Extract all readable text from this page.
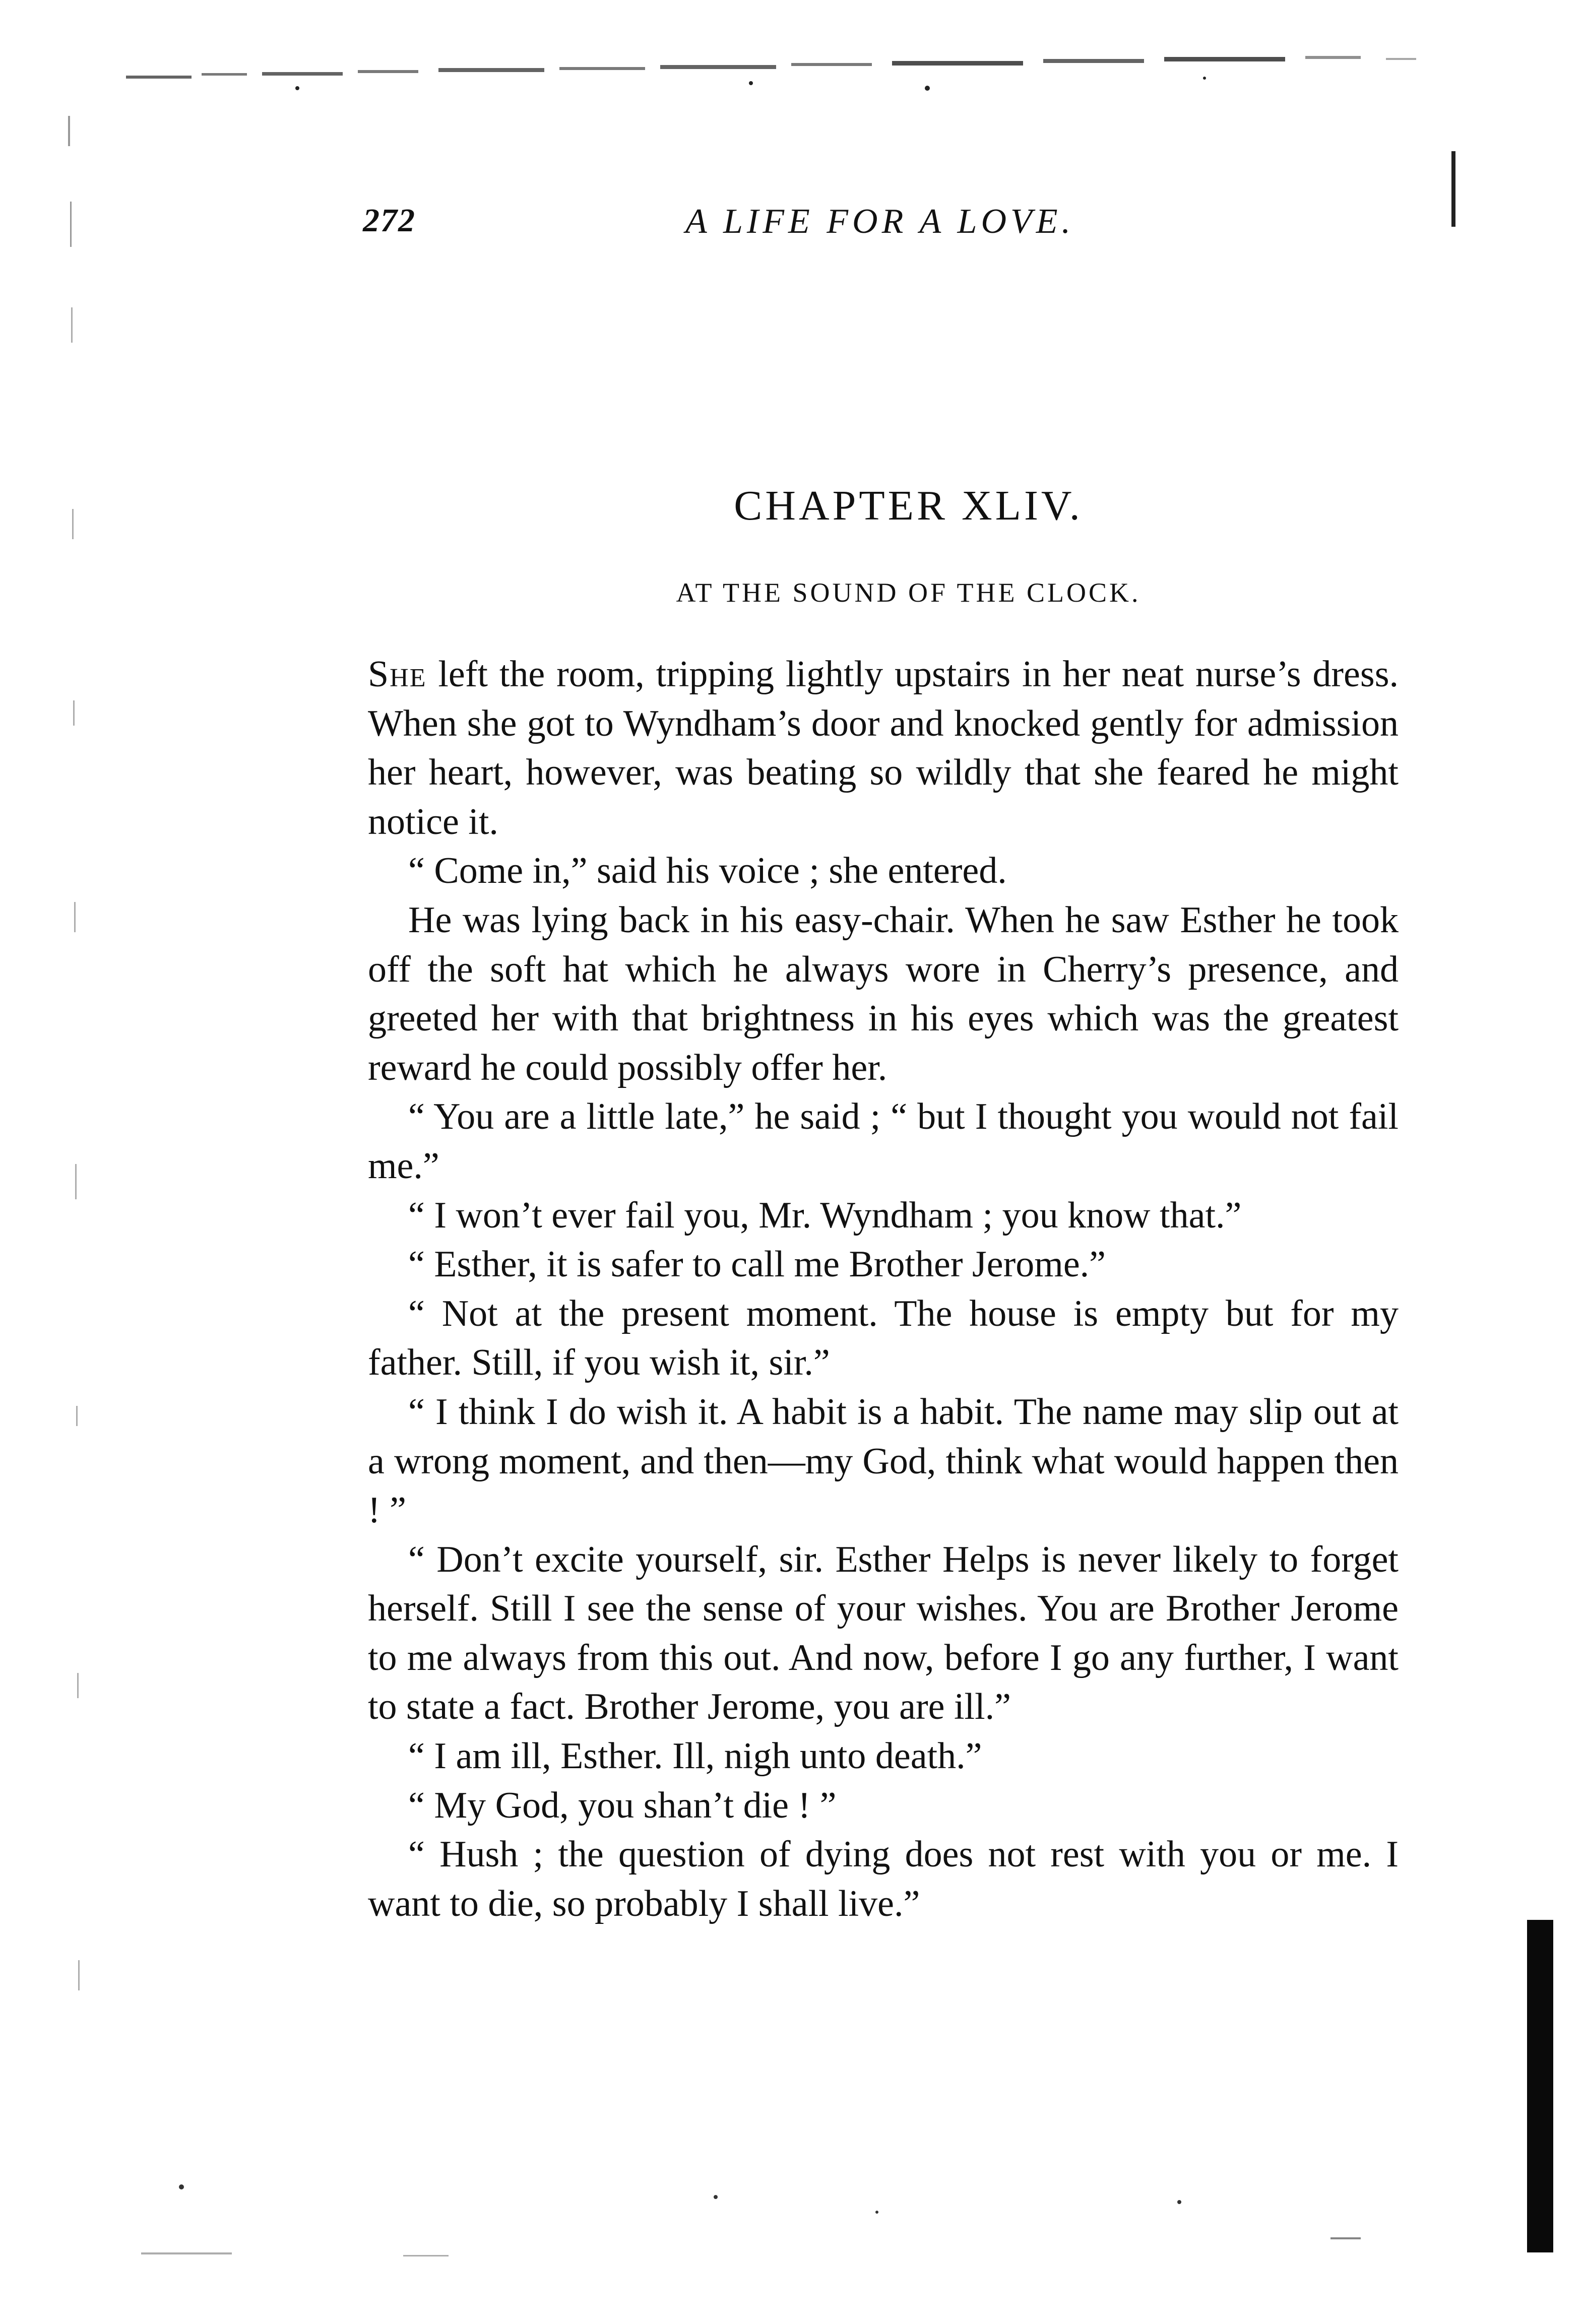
272	A LIFE FOR A LOVE.
CHAPTER XLIV.
AT THE SOUND OF THE CLOCK.

She left the room, tripping lightly upstairs in her neat nurse’s dress. When she got to Wyndham’s door and knocked gently for admission her heart, however, was beating so wildly that she feared he might notice it.

“ Come in,” said his voice ; she entered.

He was lying back in his easy-chair. When he saw Esther he took off the soft hat which he always wore in Cherry’s presence, and greeted her with that brightness in his eyes which was the greatest reward he could possibly offer her.

“ You are a little late,” he said ; “ but I thought you would not fail me.”

“ I won’t ever fail you, Mr. Wyndham ; you know that.”

“ Esther, it is safer to call me Brother Jerome.”

“ Not at the present moment. The house is empty but for my father. Still, if you wish it, sir.”

“ I think I do wish it. A habit is a habit. The name may slip out at a wrong moment, and then—my God, think what would happen then ! ”

“ Don’t excite yourself, sir. Esther Helps is never likely to forget herself. Still I see the sense of your wishes. You are Brother Jerome to me always from this out. And now, before I go any further, I want to state a fact. Brother Jerome, you are ill.”

“ I am ill, Esther. Ill, nigh unto death.”

“ My God, you shan’t die ! ”

“ Hush ; the question of dying does not rest with you or me. I want to die, so probably I shall live.”
